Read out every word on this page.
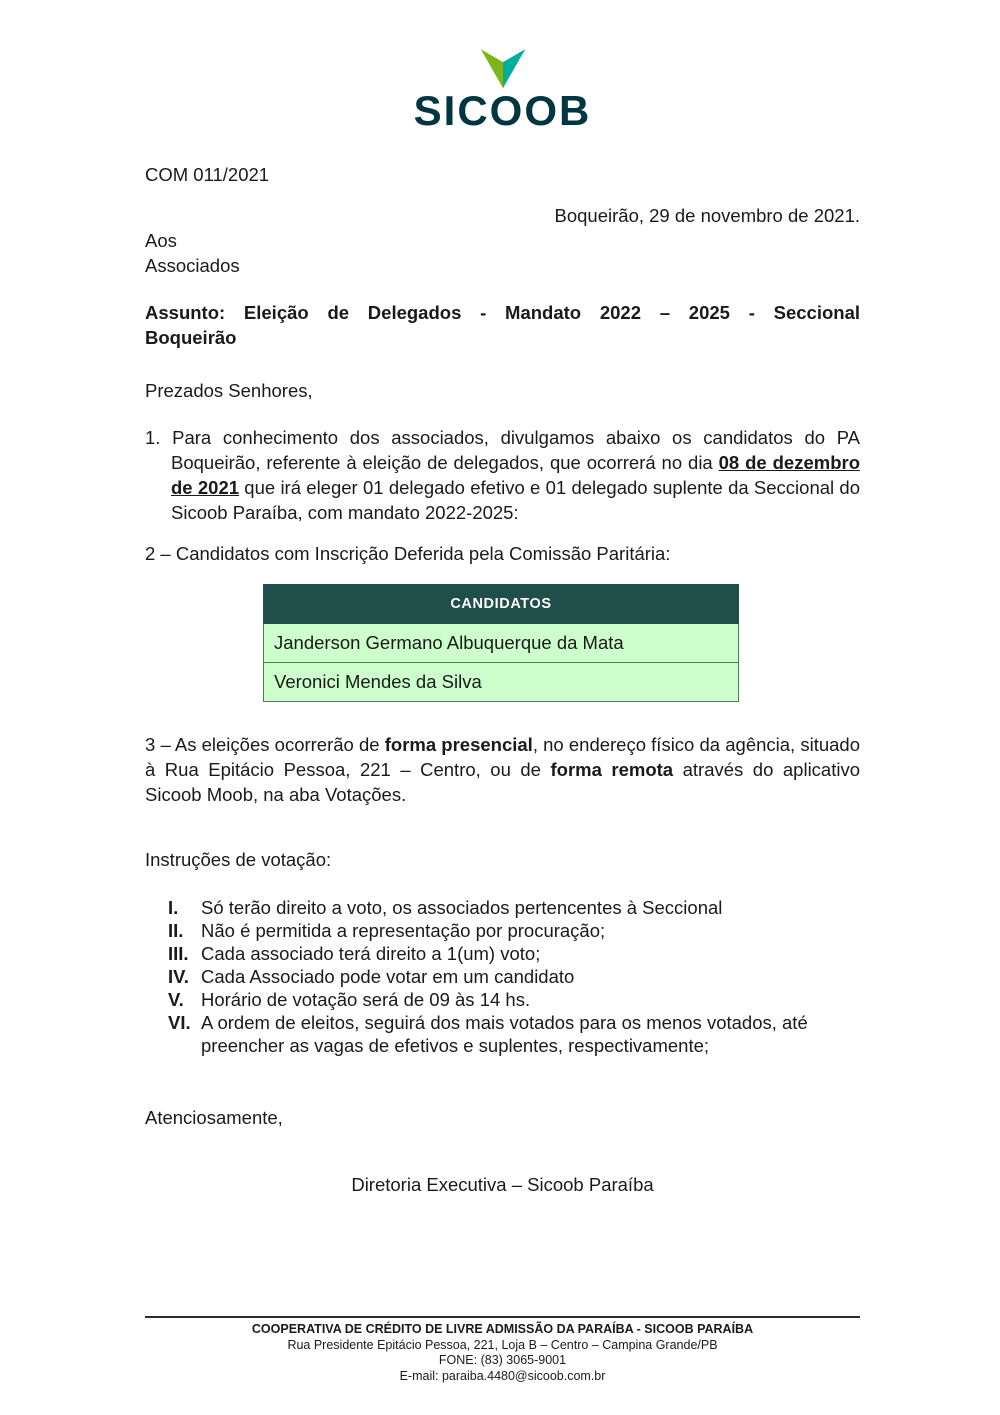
SICOOB

COM 011/2021

Boqueirão, 29 de novembro de 2021.

Aos

Associados

Assunto: Eleição de Delegados - Mandato 2022 – 2025 - Seccional

Boqueirão

Prezados Senhores,

1. Para conhecimento dos associados, divulgamos abaixo os candidatos do PA Boqueirão, referente à eleição de delegados, que ocorrerá no dia 08 de dezembro de 2021 que irá eleger 01 delegado efetivo e 01 delegado suplente da Seccional do Sicoob Paraíba, com mandato 2022-2025:

2 – Candidatos com Inscrição Deferida pela Comissão Paritária:

CANDIDATOS
Janderson Germano Albuquerque da Mata
Veronici Mendes da Silva

3 – As eleições ocorrerão de forma presencial, no endereço físico da agência, situado à Rua Epitácio Pessoa, 221 – Centro, ou de forma remota através do aplicativo Sicoob Moob, na aba Votações.

Instruções de votação:

I.	Só terão direito a voto, os associados pertencentes à Seccional
II. Não é permitida a representação por procuração;
III. Cada associado terá direito a 1(um) voto;
IV. Cada Associado pode votar em um candidato
V. Horário de votação será de 09 às 14 hs.
VI. A ordem de eleitos, seguirá dos mais votados para os menos votados, até preencher as vagas de efetivos e suplentes, respectivamente;

Atenciosamente,

Diretoria Executiva – Sicoob Paraíba

COOPERATIVA DE CRÉDITO DE LIVRE ADMISSÃO DA PARAÍBA - SICOOB PARAÍBA

Rua Presidente Epitácio Pessoa, 221, Loja B – Centro – Campina Grande/PB

FONE: (83) 3065-9001

E-mail: paraiba.4480@sicoob.com.br
